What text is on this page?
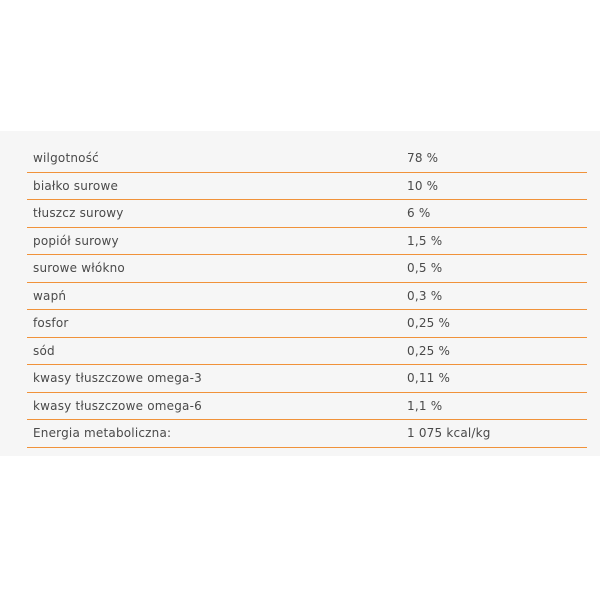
wilgotność	78 %
białko surowe	10 %
tłuszcz surowy	6 %
popiół surowy	1,5 %
surowe włókno	0,5 %
wapń	0,3 %
fosfor	0,25 %
sód	0,25 %
kwasy tłuszczowe omega-3	0,11 %
kwasy tłuszczowe omega-6	1,1 %
Energia metaboliczna:	1 075 kcal/kg
